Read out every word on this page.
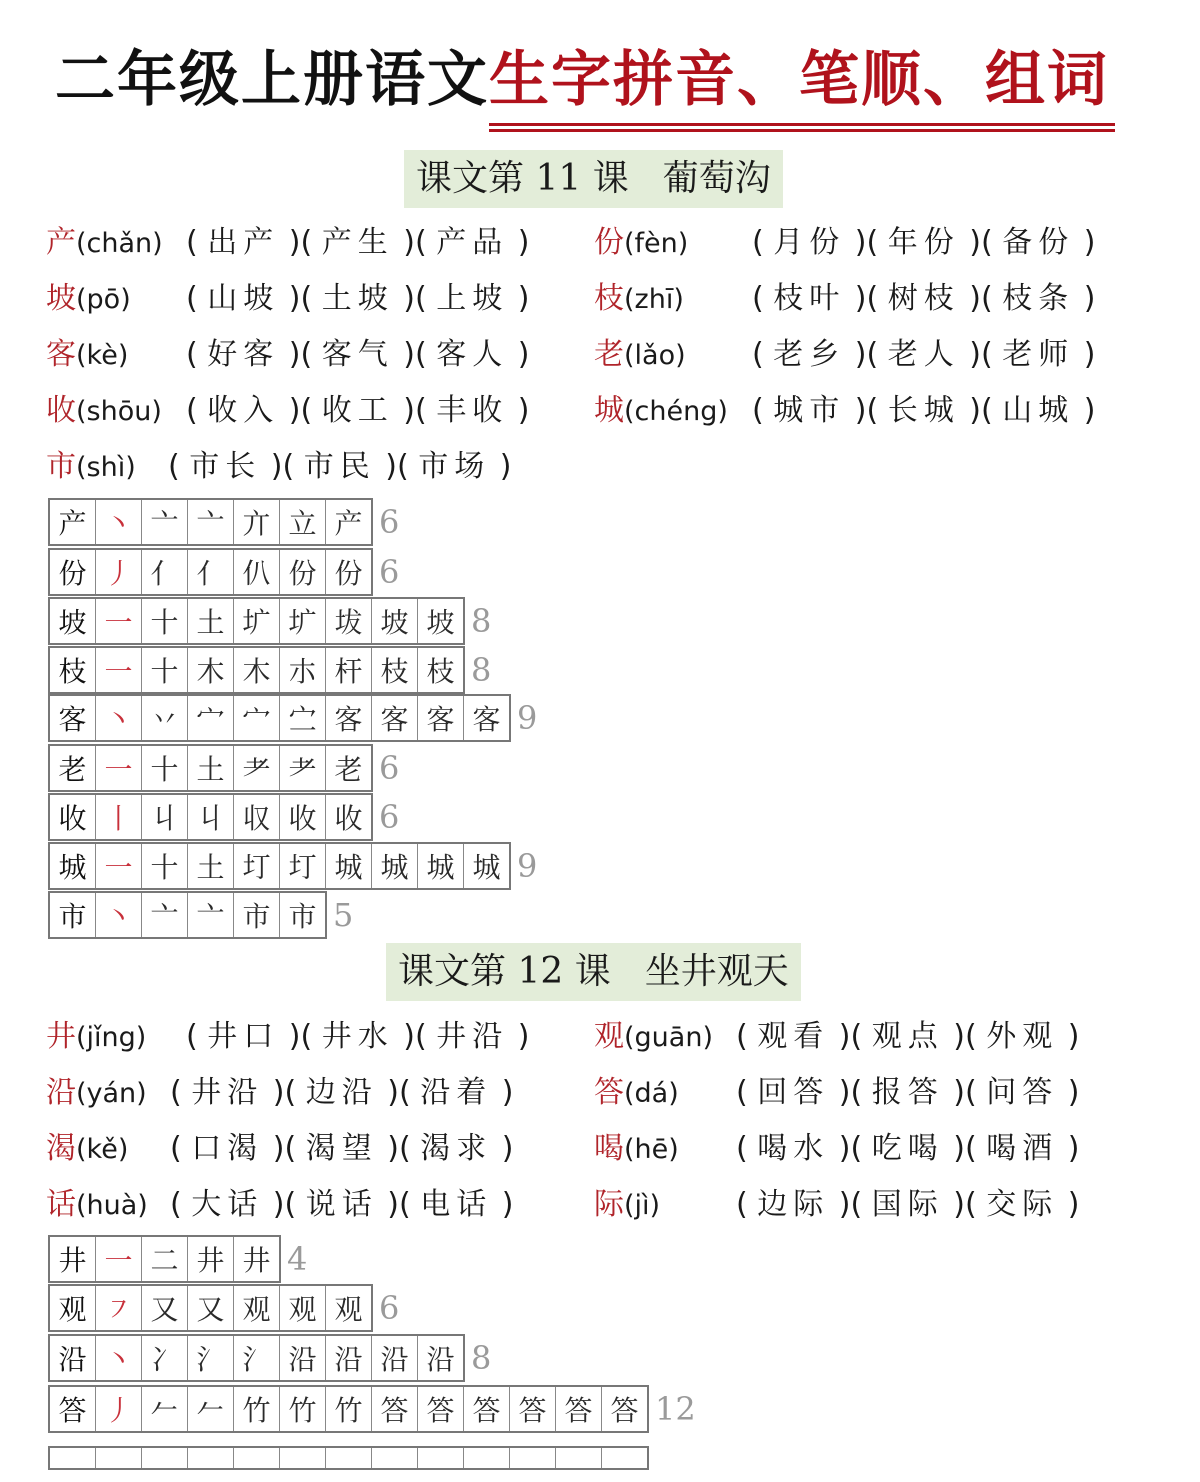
二年级上册语文生字拼音、笔顺、组词
课文第 11 课 葡萄沟
产(chǎn)	( 出产 ) ( 产生 ) ( 产品 )
坡(pō)	( 山坡 ) ( 土坡 ) ( 上坡 )
客(kè)	( 好客 ) ( 客气 ) ( 客人 )
收(shōu)	( 收入 ) ( 收工 ) ( 丰收 )
市(shì)	( 市长 ) ( 市民 ) ( 市场 )
份(fèn)	( 月份 ) ( 年份 ) ( 备份 )
枝(zhī)	( 枝叶 ) ( 树枝 ) ( 枝条 )
老(lǎo)	( 老乡 ) ( 老人 ) ( 老师 )
城(chéng)	( 城市 ) ( 长城 ) ( 山城 )
产 丶 亠 亠 亣 立 产 6
份 丿 亻 亻 仈 份 份 6
坡 一 十 土 圹 圹 坺 坡 坡 8
枝 一 十 木 木 朩 杆 枝 枝 8
客 丶 丷 宀 宀 㝉 客 客 客 客 9
老 一 十 土 耂 耂 老 6
收 丨 丩 丩 収 收 收 6
城 一 十 土 圢 圢 城 城 城 城 9
市 丶 亠 亠 市 市 5
课文第 12 课 坐井观天
井(jǐng)	( 井口 ) ( 井水 ) ( 井沿 )
沿(yán)	( 井沿 ) ( 边沿 ) ( 沿着 )
渴(kě)	( 口渴 ) ( 渴望 ) ( 渴求 )
话(huà)	( 大话 ) ( 说话 ) ( 电话 )
观(guān)	( 观看 ) ( 观点 ) ( 外观 )
答(dá)	( 回答 ) ( 报答 ) ( 问答 )
喝(hē)	( 喝水 ) ( 吃喝 ) ( 喝酒 )
际(jì)	( 边际 ) ( 国际 ) ( 交际 )
井 一 二 井 井 4
观 ㇇ 又 又 观 观 观 6
沿 丶 冫 氵 氵 沿 沿 沿 沿 8
答 丿 𠂉 𠂉 竹 竹 竹 答 答 答 答 答 答 12
